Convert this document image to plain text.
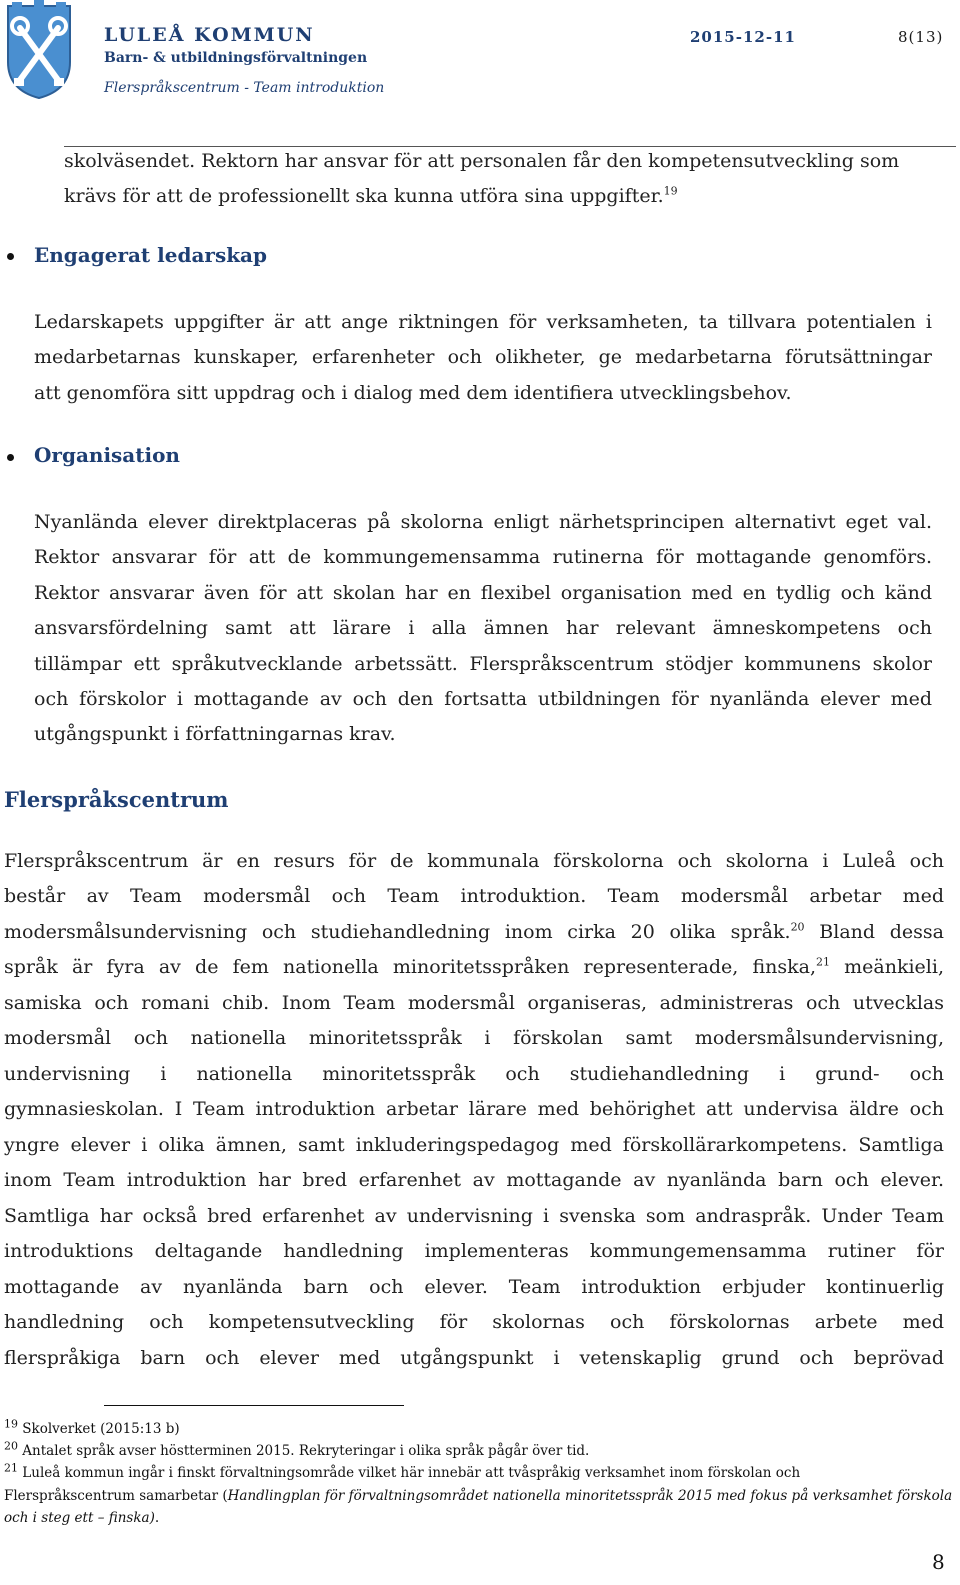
LULEÅ KOMMUN
Barn- & utbildningsförvaltningen
Flerspråkscentrum - Team introduktion
2015-12-11	8(13)
skolväsendet. Rektorn har ansvar för att personalen får den kompetensutveckling som
krävs för att de professionellt ska kunna utföra sina uppgifter.$^{19}$
Engagerat ledarskap
Ledarskapets uppgifter är att ange riktningen för verksamheten, ta tillvara potentialen i
medarbetarnas kunskaper, erfarenheter och olikheter, ge medarbetarna förutsättningar
att genomföra sitt uppdrag och i dialog med dem identifiera utvecklingsbehov.
Organisation
Nyanlända elever direktplaceras på skolorna enligt närhetsprincipen alternativt eget val.
Rektor ansvarar för att de kommungemensamma rutinerna för mottagande genomförs.
Rektor ansvarar även för att skolan har en flexibel organisation med en tydlig och känd
ansvarsfördelning samt att lärare i alla ämnen har relevant ämneskompetens och
tillämpar ett språkutvecklande arbetssätt. Flerspråkscentrum stödjer kommunens skolor
och förskolor i mottagande av och den fortsatta utbildningen för nyanlända elever med
utgångspunkt i författningarnas krav.
Flerspråkscentrum
Flerspråkscentrum är en resurs för de kommunala förskolorna och skolorna i Luleå och
består av Team modersmål och Team introduktion. Team modersmål arbetar med
modersmålsundervisning och studiehandledning inom cirka 20 olika språk.$^{20}$ Bland dessa
språk är fyra av de fem nationella minoritetsspråken representerade, finska,$^{21}$ meänkieli,
samiska och romani chib. Inom Team modersmål organiseras, administreras och utvecklas
modersmål och nationella minoritetsspråk i förskolan samt modersmålsundervisning,
undervisning i nationella minoritetsspråk och studiehandledning i grund- och
gymnasieskolan. I Team introduktion arbetar lärare med behörighet att undervisa äldre och
yngre elever i olika ämnen, samt inkluderingspedagog med förskollärarkompetens. Samtliga
inom Team introduktion har bred erfarenhet av mottagande av nyanlända barn och elever.
Samtliga har också bred erfarenhet av undervisning i svenska som andraspråk. Under Team
introduktions deltagande handledning implementeras kommungemensamma rutiner för
mottagande av nyanlända barn och elever. Team introduktion erbjuder kontinuerlig
handledning och kompetensutveckling för skolornas och förskolornas arbete med
flerspråkiga barn och elever med utgångspunkt i vetenskaplig grund och beprövad
$^{19}$ Skolverket (2015:13 b)
$^{20}$ Antalet språk avser höstterminen 2015. Rekryteringar i olika språk pågår över tid.
$^{21}$ Luleå kommun ingår i finskt förvaltningsområde vilket här innebär att tvåspråkig verksamhet inom förskolan och
Flerspråkscentrum samarbetar (Handlingplan för förvaltningsområdet nationella minoritetsspråk 2015 med fokus på verksamhet förskola
och i steg ett – finska).
8
